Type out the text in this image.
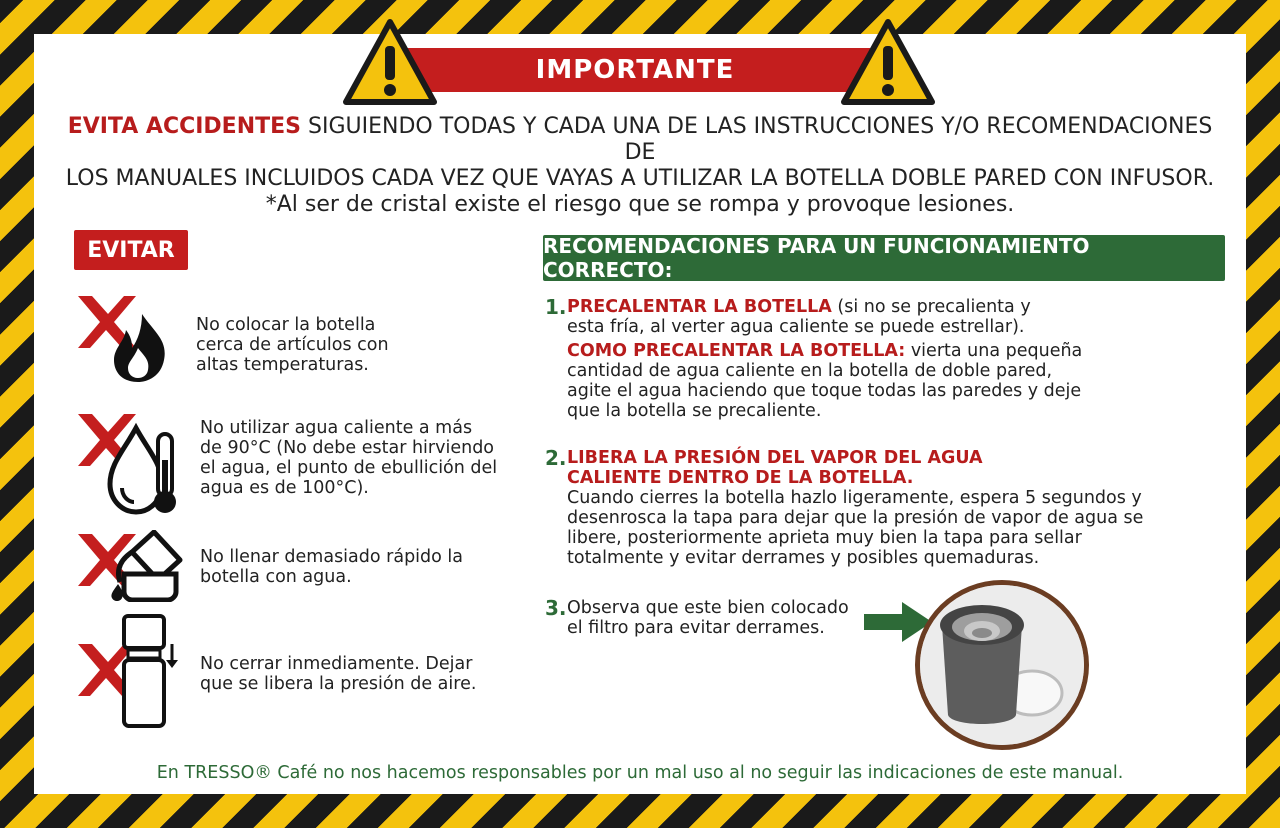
IMPORTANTE
EVITA ACCIDENTES SIGUIENDO TODAS Y CADA UNA DE LAS INSTRUCCIONES Y/O RECOMENDACIONES DE
LOS MANUALES INCLUIDOS CADA VEZ QUE VAYAS A UTILIZAR LA BOTELLA DOBLE PARED CON INFUSOR.
*Al ser de cristal existe el riesgo que se rompa y provoque lesiones.
EVITAR
No colocar la botella
cerca de artículos con
altas temperaturas.
No utilizar agua caliente a más
de 90°C (No debe estar hirviendo
el agua, el punto de ebullición del
agua es de 100°C).
No llenar demasiado rápido la
botella con agua.
No cerrar inmediamente. Dejar
que se libera la presión de aire.
RECOMENDACIONES PARA UN FUNCIONAMIENTO CORRECTO:
1. PRECALENTAR LA BOTELLA (si no se precalienta y
esta fría, al verter agua caliente se puede estrellar).
COMO PRECALENTAR LA BOTELLA: vierta una pequeña
cantidad de agua caliente en la botella de doble pared,
agite el agua haciendo que toque todas las paredes y deje
que la botella se precaliente.
2. LIBERA LA PRESIÓN DEL VAPOR DEL AGUA
CALIENTE DENTRO DE LA BOTELLA.
Cuando cierres la botella hazlo ligeramente, espera 5 segundos y
desenrosca la tapa para dejar que la presión de vapor de agua se
libere, posteriormente aprieta muy bien la tapa para sellar
totalmente y evitar derrames y posibles quemaduras.
3. Observa que este bien colocado
el filtro para evitar derrames.
En TRESSO® Café no nos hacemos responsables por un mal uso al no seguir las indicaciones de este manual.
